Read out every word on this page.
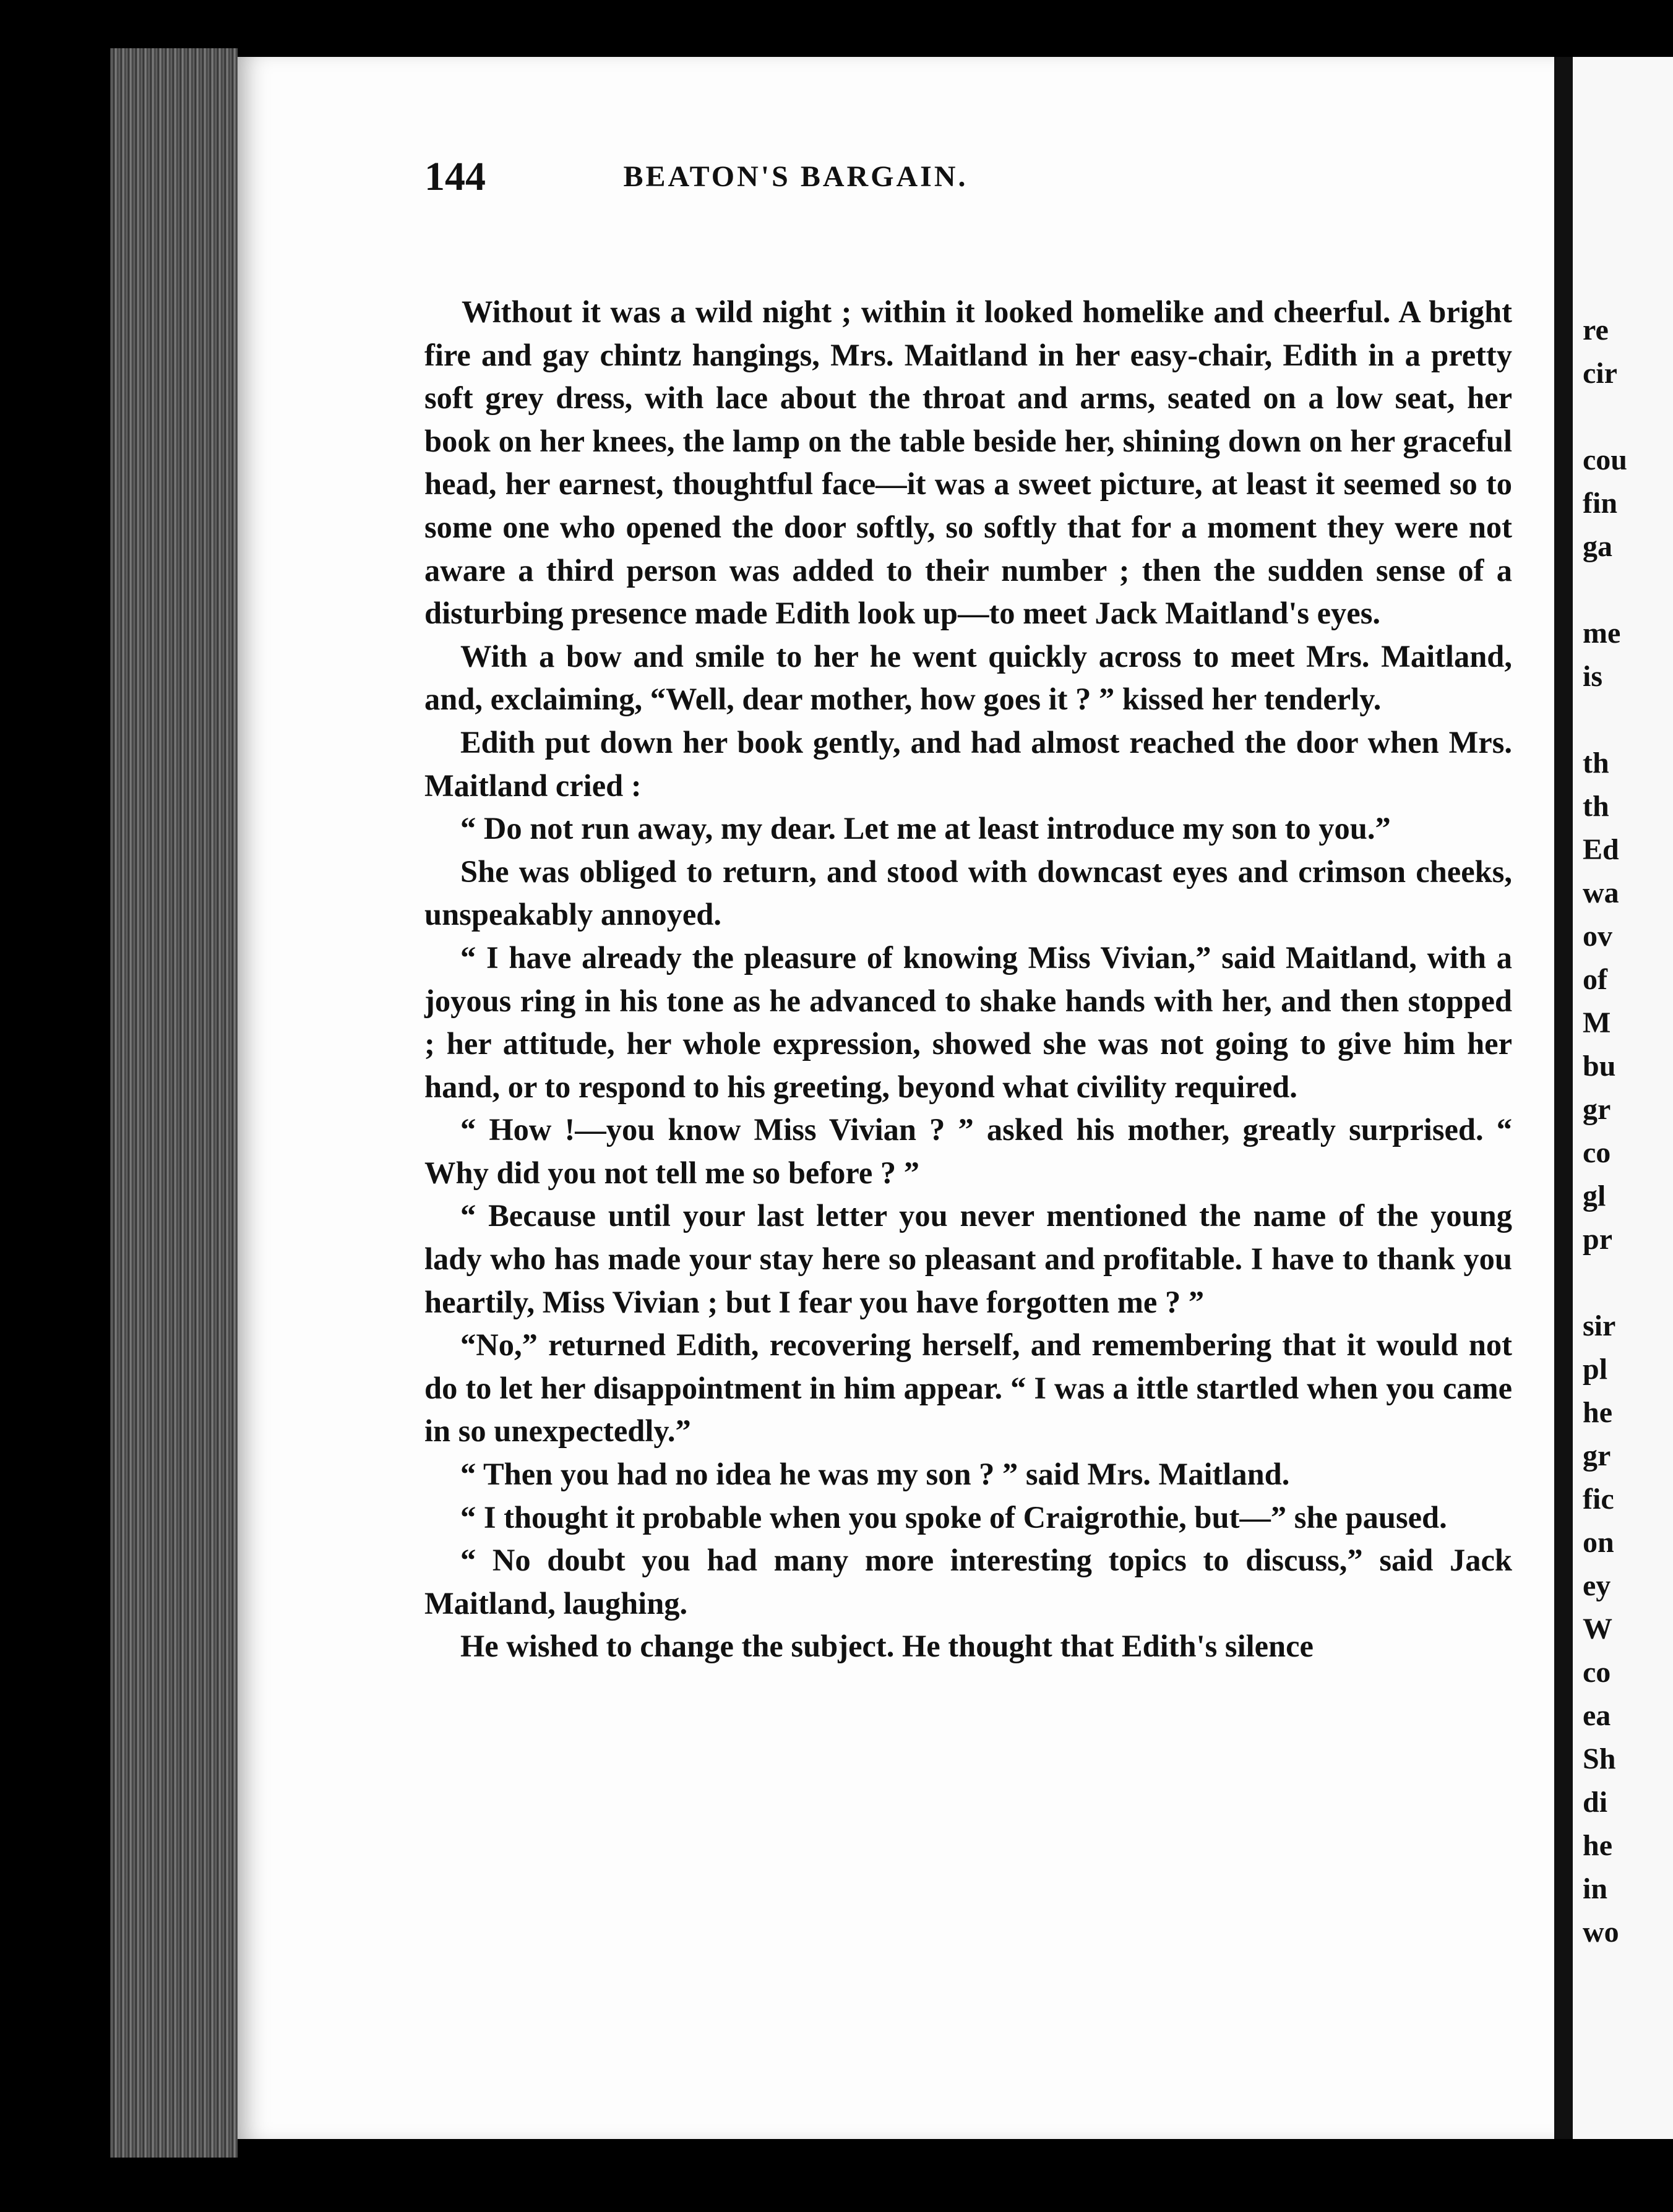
144	BEATON'S BARGAIN.

Without it was a wild night ; within it looked homelike and cheerful. A bright fire and gay chintz hangings, Mrs. Maitland in her easy-chair, Edith in a pretty soft grey dress, with lace about the throat and arms, seated on a low seat, her book on her knees, the lamp on the table beside her, shining down on her graceful head, her earnest, thoughtful face—it was a sweet picture, at least it seemed so to some one who opened the door softly, so softly that for a moment they were not aware a third person was added to their number ; then the sudden sense of a disturbing presence made Edith look up—to meet Jack Maitland's eyes.

With a bow and smile to her he went quickly across to meet Mrs. Maitland, and, exclaiming, “Well, dear mother, how goes it ? ” kissed her tenderly.

Edith put down her book gently, and had almost reached the door when Mrs. Maitland cried :

“ Do not run away, my dear. Let me at least introduce my son to you.”

She was obliged to return, and stood with downcast eyes and crimson cheeks, unspeakably annoyed.

“ I have already the pleasure of knowing Miss Vivian,” said Maitland, with a joyous ring in his tone as he advanced to shake hands with her, and then stopped ; her attitude, her whole expression, showed she was not going to give him her hand, or to respond to his greeting, beyond what civility required.

“ How !—you know Miss Vivian ? ” asked his mother, greatly surprised. “ Why did you not tell me so before ? ”

“ Because until your last letter you never mentioned the name of the young lady who has made your stay here so pleasant and profitable. I have to thank you heartily, Miss Vivian ; but I fear you have forgotten me ? ”

“No,” returned Edith, recovering herself, and remembering that it would not do to let her disappointment in him appear. “ I was a ittle startled when you came in so unexpectedly.”

“ Then you had no idea he was my son ? ” said Mrs. Maitland.

“ I thought it probable when you spoke of Craigrothie, but—” she paused.

“ No doubt you had many more interesting topics to discuss,” said Jack Maitland, laughing.

He wished to change the subject. He thought that Edith's silence

re
cir
cou
fin
ga
me
is
th
th
Ed
wa
ov
of
M
bu
gr
co
gl
pr
sir
pl
he
gr
fic
on
ey
W
co
ea
Sh
di
he
in
wo
